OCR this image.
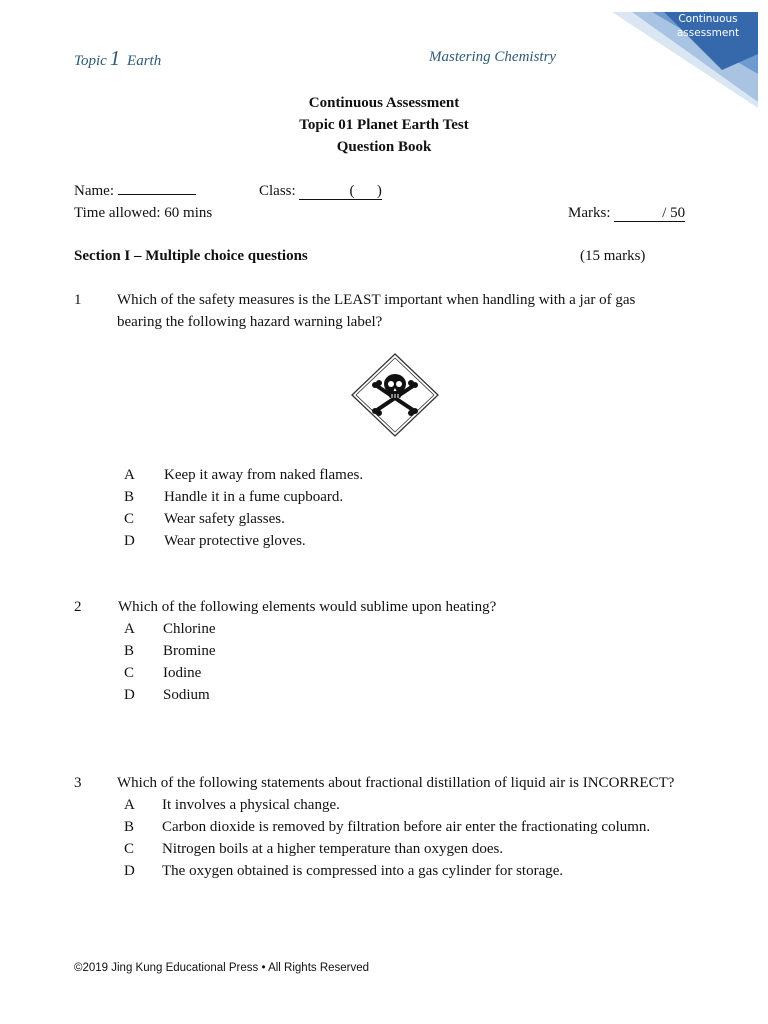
Topic 1 Earth	Mastering Chemistry
Continuous
assessment
Continuous Assessment
Topic 01 Planet Earth Test
Question Book
Name:	Class:	(      )
Time allowed: 60 mins	Marks:	/ 50
Section I – Multiple choice questions	(15 marks)
1 Which of the safety measures is the LEAST important when handling with a jar of gas
bearing the following hazard warning label?
A Keep it away from naked flames.
B Handle it in a fume cupboard.
C Wear safety glasses.
D Wear protective gloves.
2 Which of the following elements would sublime upon heating?
A Chlorine
B Bromine
C Iodine
D Sodium
3 Which of the following statements about fractional distillation of liquid air is INCORRECT?
A It involves a physical change.
B Carbon dioxide is removed by filtration before air enter the fractionating column.
C Nitrogen boils at a higher temperature than oxygen does.
D The oxygen obtained is compressed into a gas cylinder for storage.
©2019 Jing Kung Educational Press • All Rights Reserved
